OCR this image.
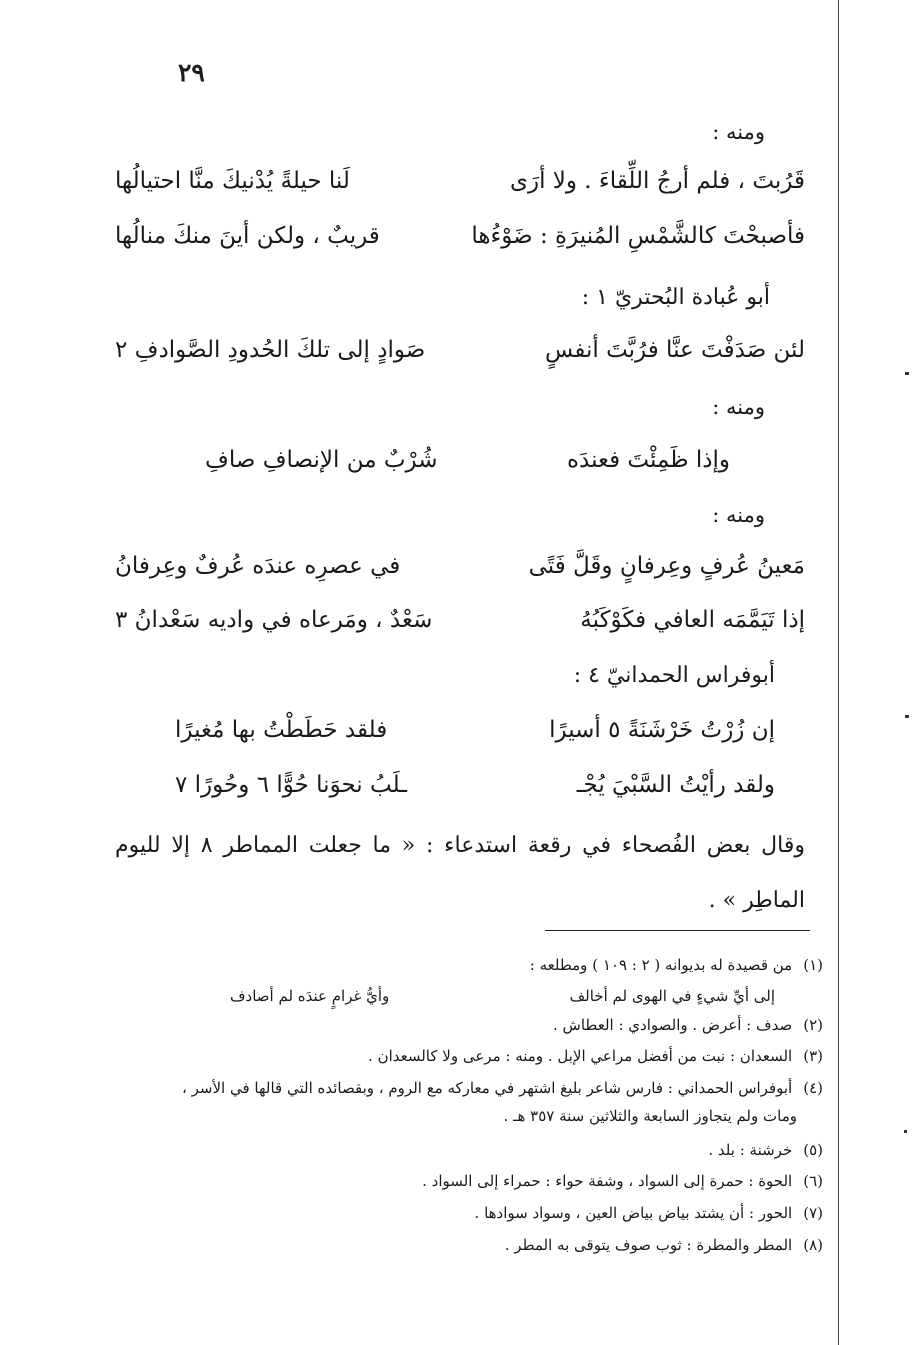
٢٩
ومنه :
قَرُبتَ ، فلم أرجُ اللِّقاءَ . ولا أرَى
لَنا حيلةً يُدْنيكَ منَّا احتيالُها
فأصبحْتَ كالشَّمْسِ المُنيرَةِ : ضَوْءُها
قريبٌ ، ولكن أينَ منكَ منالُها
أبو عُبادة البُحتريّ ١ :
لئن صَدَفْتَ عنَّا فرُبَّتَ أنفسٍ
صَوادٍ إلى تلكَ الحُدودِ الصَّوادفِ ٢
ومنه :
وإذا ظَمِئْتَ فعندَه
شُرْبٌ من الإنصافِ صافِ
ومنه :
مَعينُ عُرفٍ وعِرفانٍ وقَلَّ فَتًى
في عصرِه عندَه عُرفٌ وعِرفانُ
إذا تَيَمَّمَه العافي فكَوْكَبُهُ
سَعْدٌ ، ومَرعاه في واديه سَعْدانُ ٣
أبوفراس الحمدانيّ ٤ :
إن زُرْتُ خَرْشَنَةً ٥ أسيرًا
فلقد حَطَطْتُ بها مُغيرًا
ولقد رأيْتُ السَّبْيَ يُجْـ
ـلَبُ نحوَنا حُوًّا ٦ وحُورًا ٧
وقال بعض الفُصحاء في رقعة استدعاء : « ما جعلت المماطر ٨ إلا لليوم الماطِر » .
(١) من قصيدة له بديوانه ( ٢ : ١٠٩ ) ومطلعه :
إلى أيِّ شيءٍ في الهوى لم أخالف
وأيُّ غرامٍ عندَه لم أصادف
(٢) صدف : أعرض . والصوادي : العطاش .
(٣) السعدان : نبت من أفضل مراعي الإبل . ومنه : مرعى ولا كالسعدان .
(٤) أبوفراس الحمداني : فارس شاعر بليغ اشتهر في معاركه مع الروم ، وبقصائده التي قالها في الأسر ،
ومات ولم يتجاوز السابعة والثلاثين سنة ٣٥٧ هـ .
(٥) خرشنة : بلد .
(٦) الحوة : حمرة إلى السواد ، وشفة حواء : حمراء إلى السواد .
(٧) الحور : أن يشتد بياض بياض العين ، وسواد سوادها .
(٨) المطر والمطرة : ثوب صوف يتوقى به المطر .
